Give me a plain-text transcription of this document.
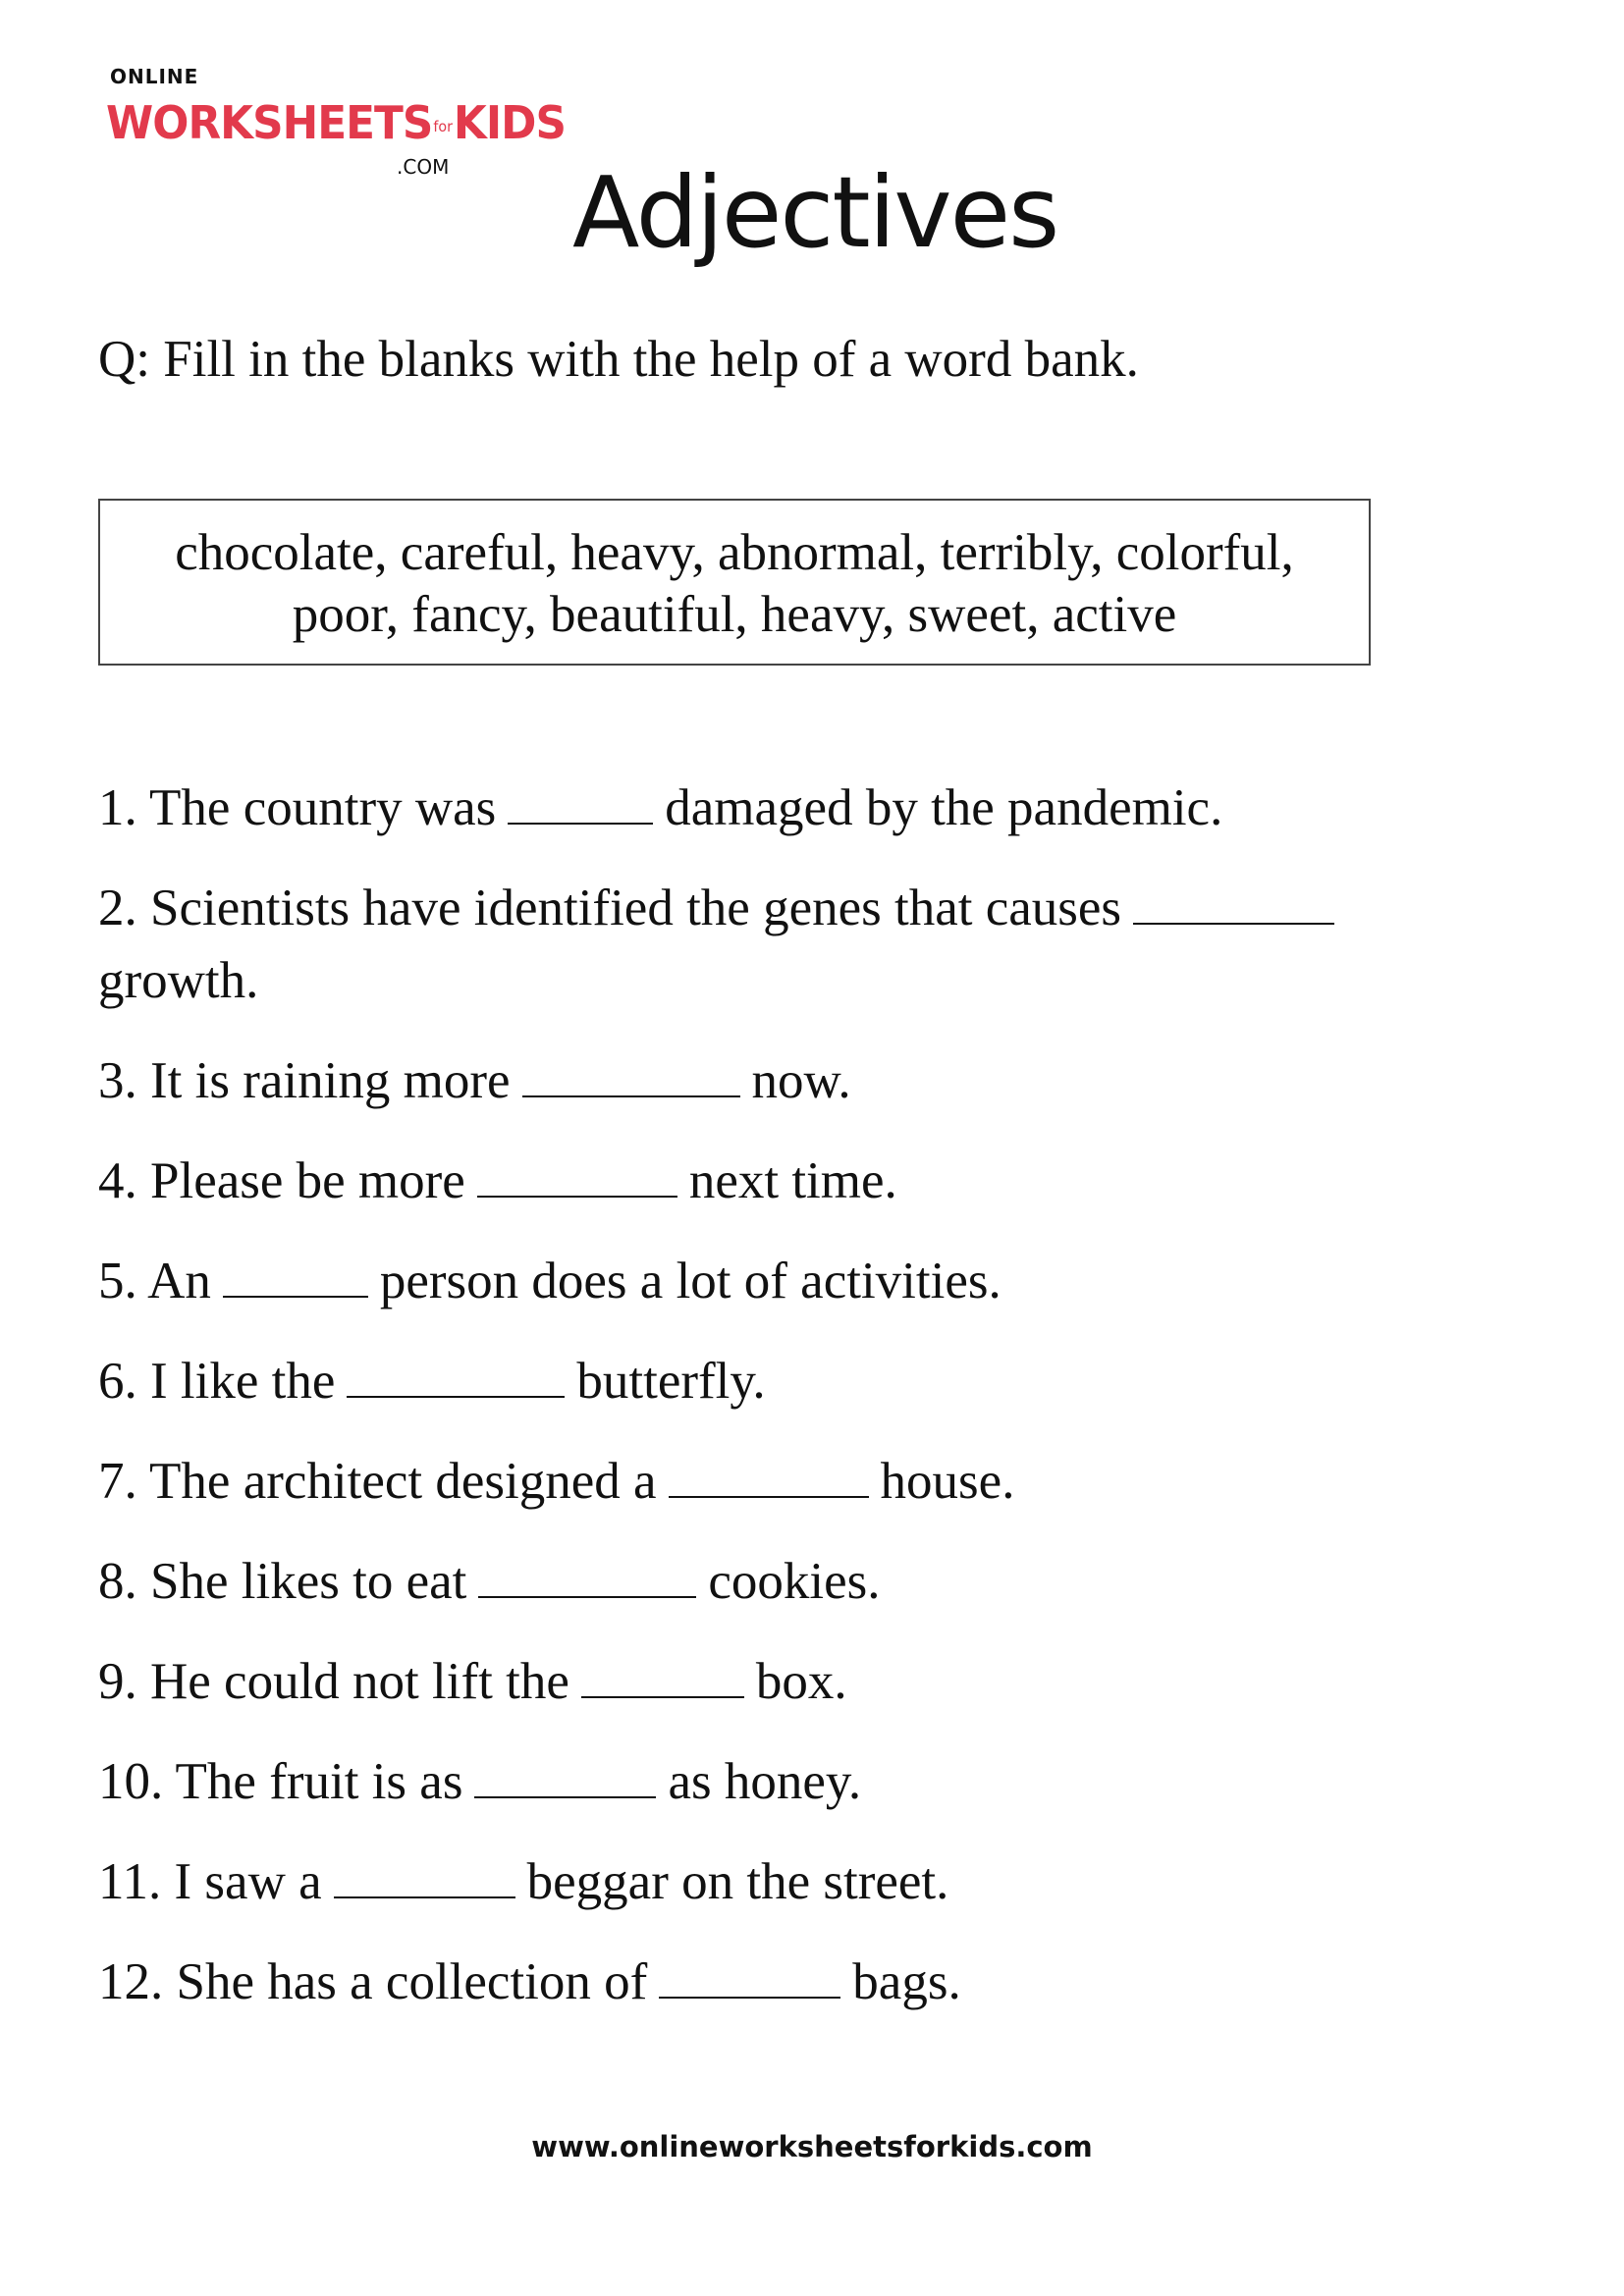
ONLINE
WORKSHEETSforKIDS
.COM Adjectives
Q: Fill in the blanks with the help of a word bank.
chocolate, careful, heavy, abnormal, terribly, colorful,
poor, fancy, beautiful, heavy, sweet, active
1. The country was	damaged by the pandemic.
2. Scientists have identified the genes that causes
growth.
3. It is raining more	now.
4. Please be more	next time.
5. An	person does a lot of activities.
6. I like the	butterfly.
7. The architect designed a	house.
8. She likes to eat	cookies.
9. He could not lift the	box.
10. The fruit is as	as honey.
11. I saw a	beggar on the street.
12. She has a collection of	bags.
www.onlineworksheetsforkids.com
